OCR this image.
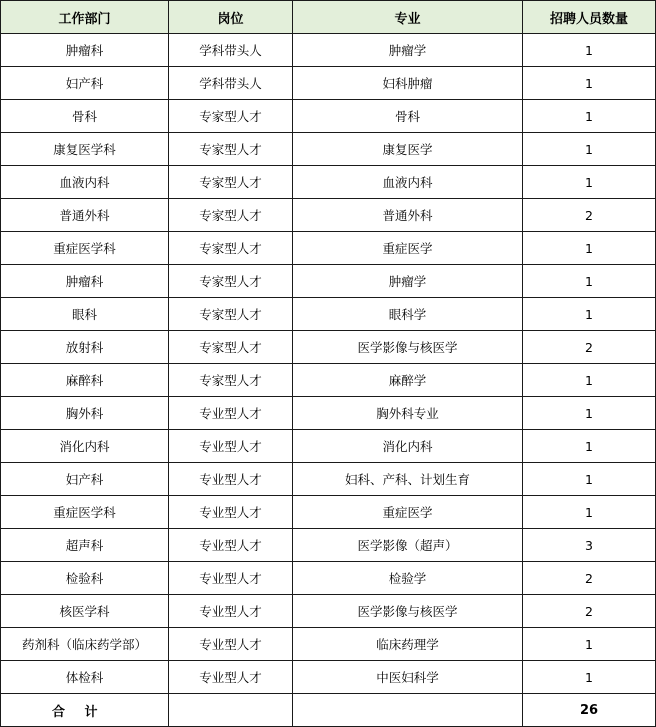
工作部门	岗位	专业	招聘人员数量
肿瘤科	学科带头人	肿瘤学	1
妇产科	学科带头人	妇科肿瘤	1
骨科	专家型人才	骨科	1
康复医学科	专家型人才	康复医学	1
血液内科	专家型人才	血液内科	1
普通外科	专家型人才	普通外科	2
重症医学科	专家型人才	重症医学	1
肿瘤科	专家型人才	肿瘤学	1
眼科	专家型人才	眼科学	1
放射科	专家型人才	医学影像与核医学	2
麻醉科	专家型人才	麻醉学	1
胸外科	专业型人才	胸外科专业	1
消化内科	专业型人才	消化内科	1
妇产科	专业型人才	妇科、产科、计划生育	1
重症医学科	专业型人才	重症医学	1
超声科	专业型人才	医学影像（超声）	3
检验科	专业型人才	检验学	2
核医学科	专业型人才	医学影像与核医学	2
药剂科（临床药学部）	专业型人才	临床药理学	1
体检科	专业型人才	中医妇科学	1
合计			26
